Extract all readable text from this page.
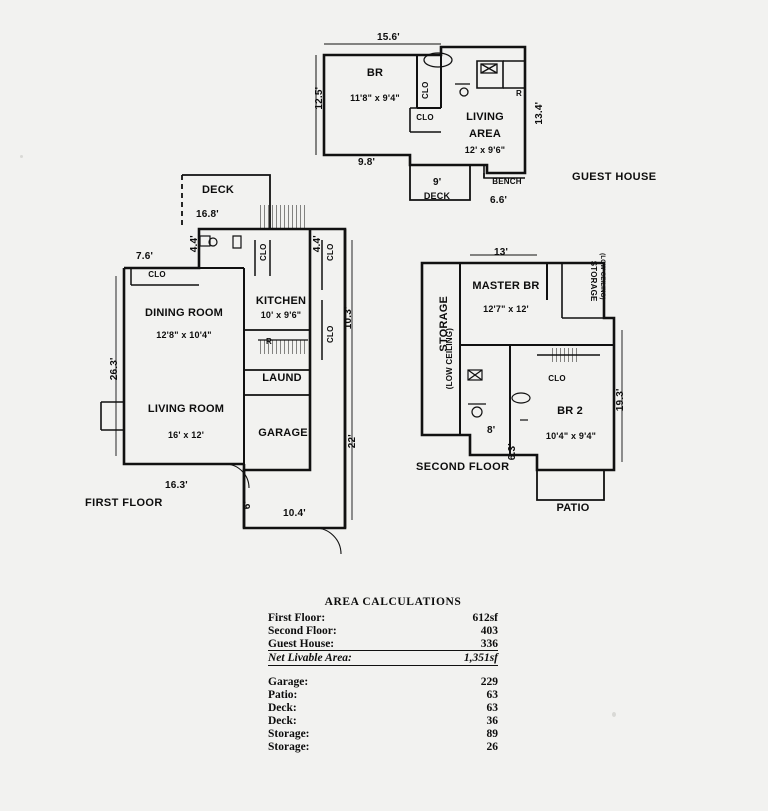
15.6'
12.5'
9.8'
13.4'
9'
6.6'
BR
11'8" x 9'4"
LIVING
AREA
12' x 9'6"
DECK
CLO
CLO	R
BENCH	GUEST HOUSE
DECK
16.8'
7.6'
4.4'	4.4'
26.3'
10.3'
16.3'
22'
10.4'
6'
CLO
CLO	CLO
CLO
DINING ROOM
12'8" x 10'4"
KITCHEN
10' x 9'6"
R
LIVING ROOM
16' x 12'
LAUND
GARAGE
FIRST FLOOR
13'
19.3'
8'
6.3'
MASTER BR
12'7" x 12'
BR 2
10'4" x 9'4"
STORAGE
(LOW CEILING)
STORAGE (LOW CEILING)
CLO
PATIO
SECOND FLOOR
AREA CALCULATIONS
First Floor:	612sf
Second Floor:	403
Guest House:	336
Net Livable Area:	1,351sf

Garage:	229
Patio:	63
Deck:	63
Deck:	36
Storage:	89
Storage:	26
